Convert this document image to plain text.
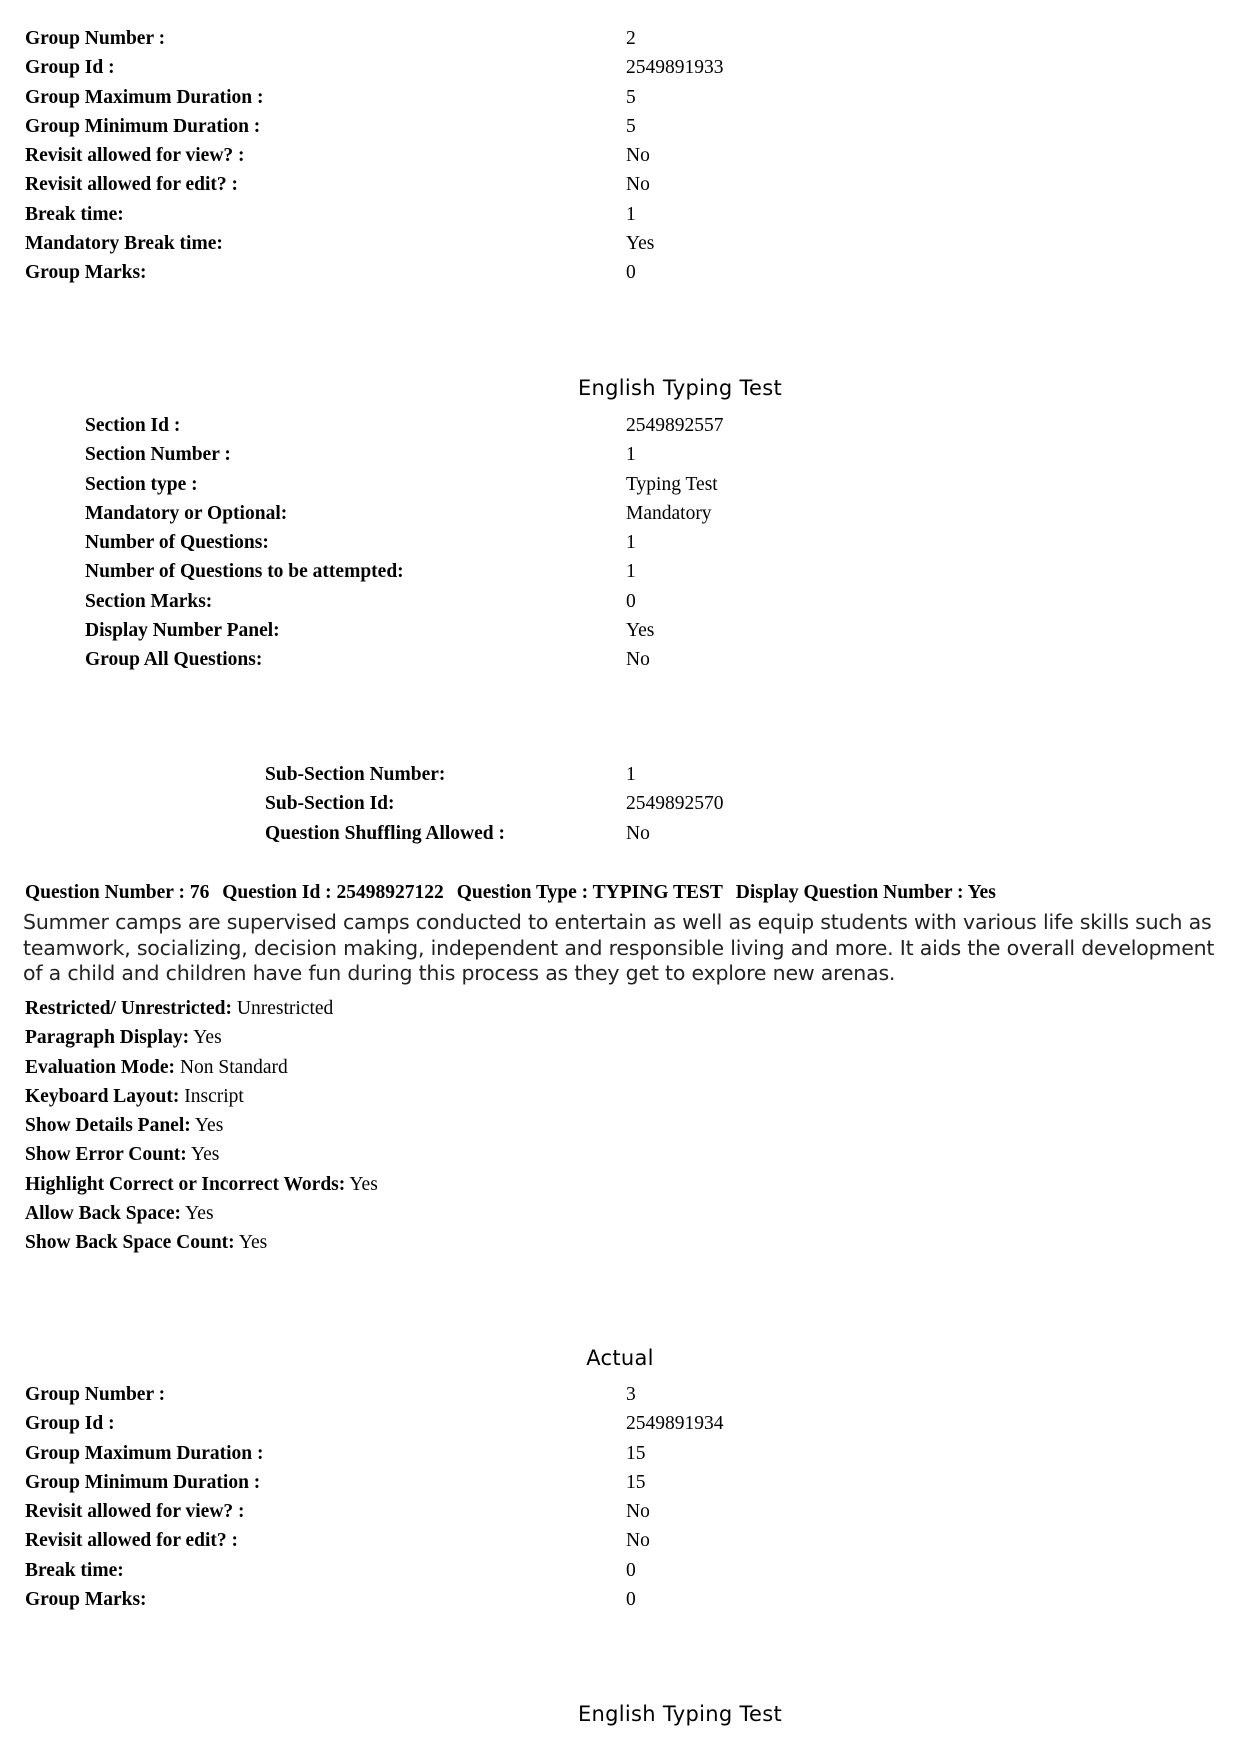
Group Number :	2
Group Id :	2549891933
Group Maximum Duration :	5
Group Minimum Duration :	5
Revisit allowed for view? :	No
Revisit allowed for edit? :	No
Break time:	1
Mandatory Break time:	Yes
Group Marks:	0
English Typing Test
Section Id :	2549892557
Section Number :	1
Section type :	Typing Test
Mandatory or Optional:	Mandatory
Number of Questions:	1
Number of Questions to be attempted:	1
Section Marks:	0
Display Number Panel:	Yes
Group All Questions:	No
Sub-Section Number:	1
Sub-Section Id:	2549892570
Question Shuffling Allowed :	No
Question Number : 76 Question Id : 25498927122 Question Type : TYPING TEST Display Question Number : Yes
Summer camps are supervised camps conducted to entertain as well as equip students with various life skills such as teamwork, socializing, decision making, independent and responsible living and more. It aids the overall development of a child and children have fun during this process as they get to explore new arenas.
Restricted/ Unrestricted: Unrestricted
Paragraph Display: Yes
Evaluation Mode: Non Standard
Keyboard Layout: Inscript
Show Details Panel: Yes
Show Error Count: Yes
Highlight Correct or Incorrect Words: Yes
Allow Back Space: Yes
Show Back Space Count: Yes
Actual
Group Number :	3
Group Id :	2549891934
Group Maximum Duration :	15
Group Minimum Duration :	15
Revisit allowed for view? :	No
Revisit allowed for edit? :	No
Break time:	0
Group Marks:	0
English Typing Test
